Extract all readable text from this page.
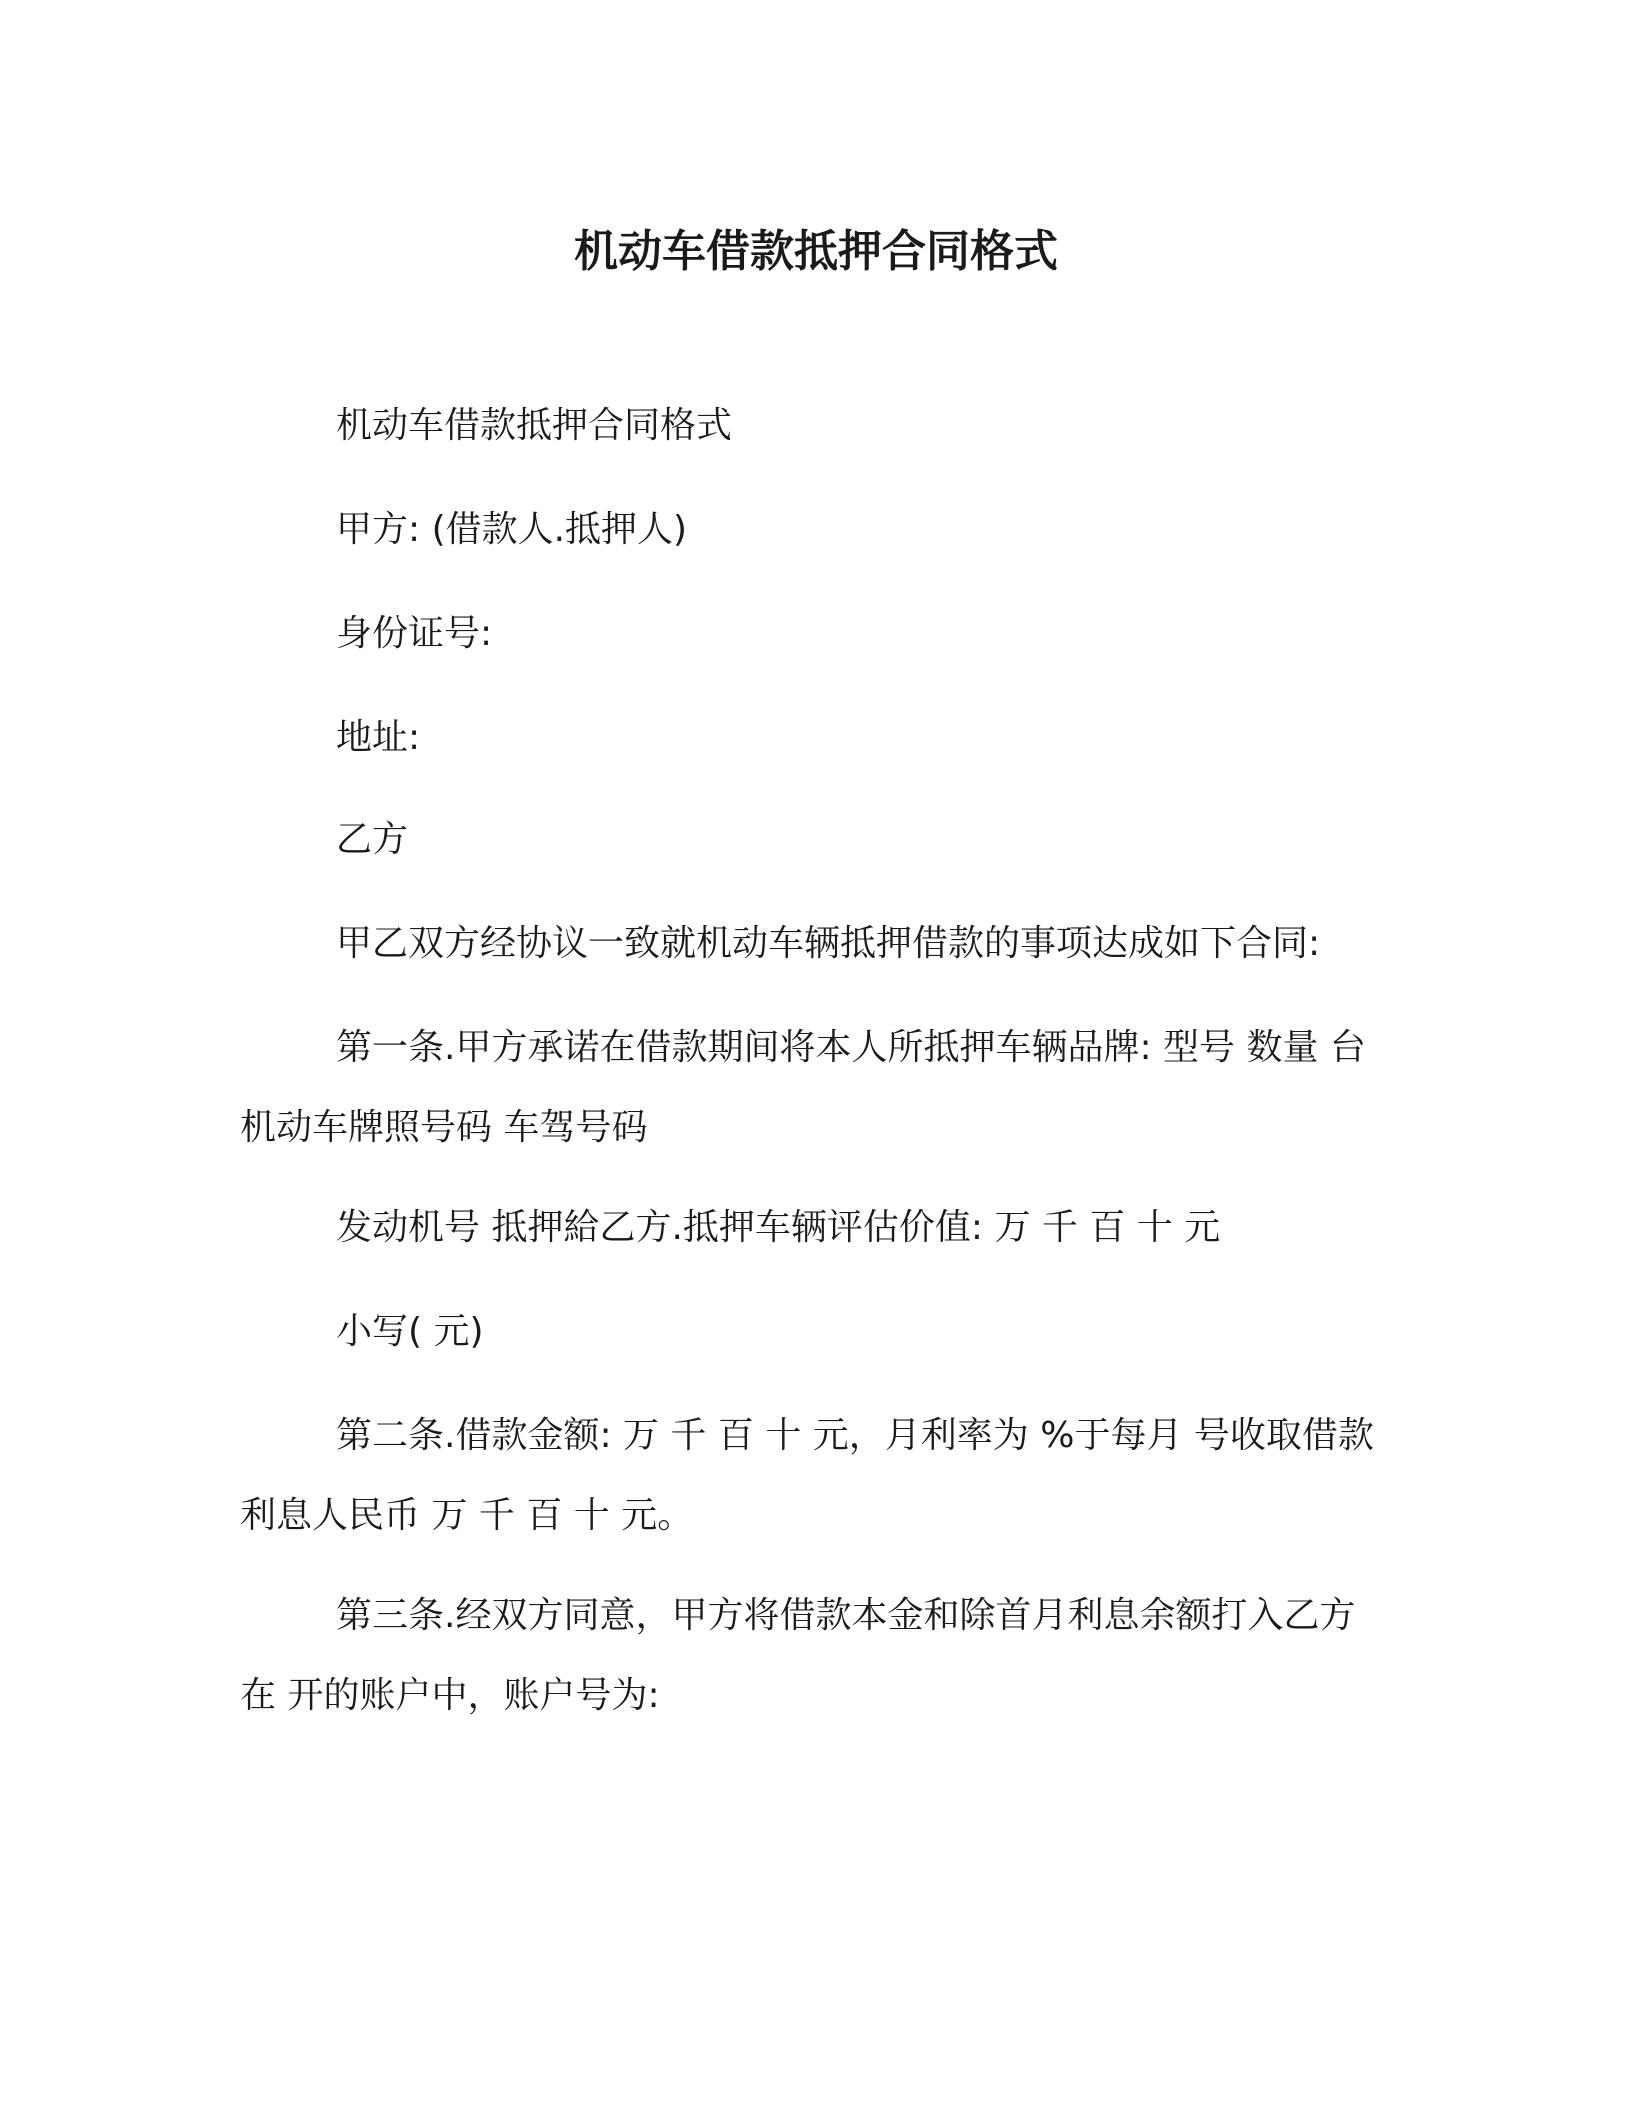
机动车借款抵押合同格式

机动车借款抵押合同格式

甲方: (借款人.抵押人)

身份证号:

地址:

乙方

甲乙双方经协议一致就机动车辆抵押借款的事项达成如下合同:

第一条.甲方承诺在借款期间将本人所抵押车辆品牌: 型号 数量 台机动车牌照号码 车驾号码

发动机号 抵押給乙方.抵押车辆评估价值: 万 千 百 十 元

小写( 元)

第二条.借款金额: 万 千 百 十 元，月利率为 %于每月 号收取借款利息人民币 万 千 百 十 元。

第三条.经双方同意，甲方将借款本金和除首月利息余额打入乙方在 开的账户中，账户号为:
